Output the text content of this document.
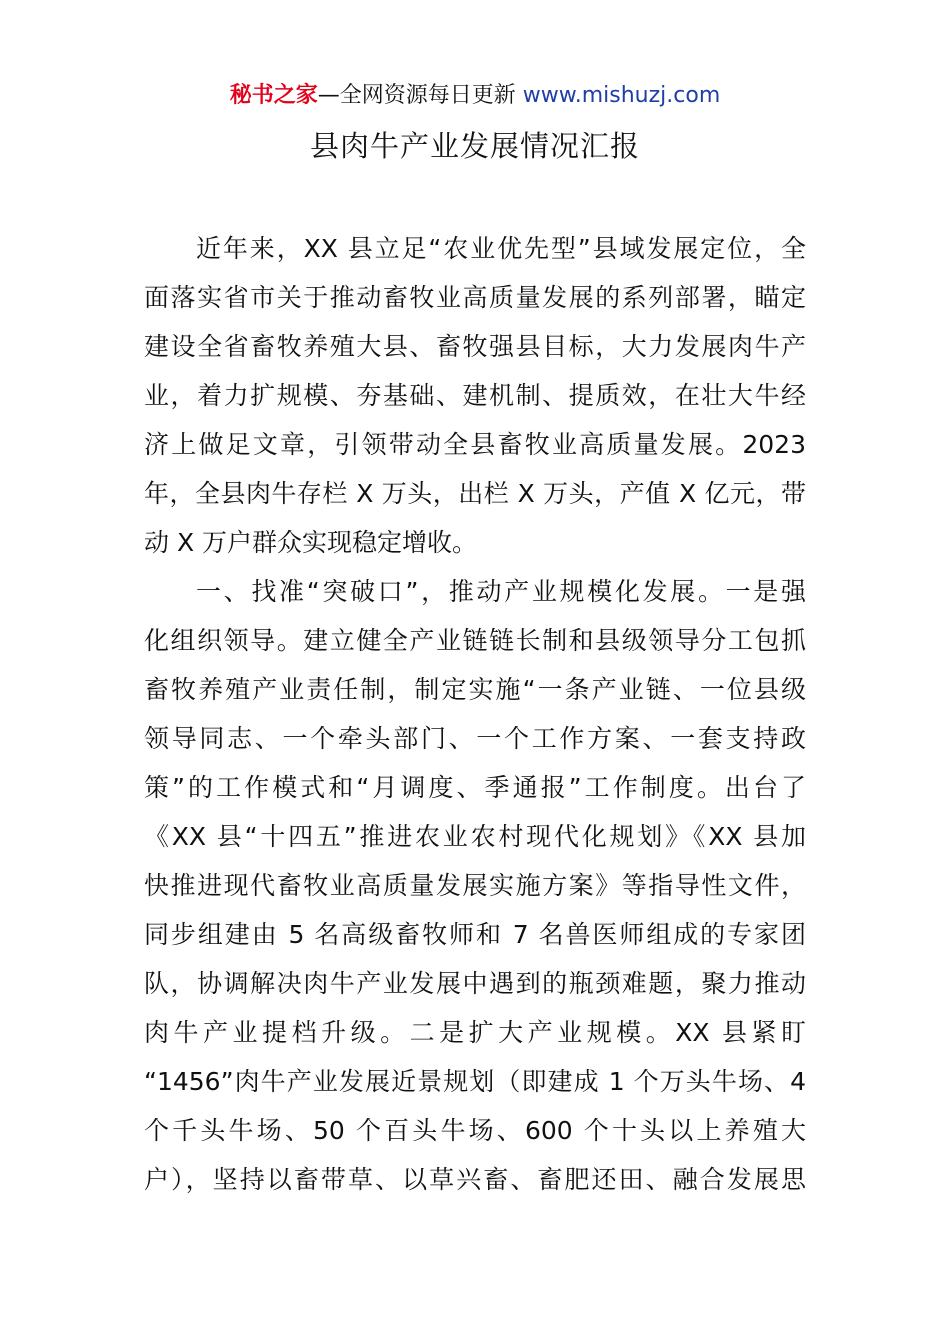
秘书之家—全网资源每日更新 www.mishuzj.com
县肉牛产业发展情况汇报
近年来，XX 县立足“农业优先型”县域发展定位，全
面落实省市关于推动畜牧业高质量发展的系列部署，瞄定
建设全省畜牧养殖大县、畜牧强县目标，大力发展肉牛产
业，着力扩规模、夯基础、建机制、提质效，在壮大牛经
济上做足文章，引领带动全县畜牧业高质量发展。2023
年，全县肉牛存栏 X 万头，出栏 X 万头，产值 X 亿元，带
动 X 万户群众实现稳定增收。
一、找准“突破口”，推动产业规模化发展。一是强
化组织领导。建立健全产业链链长制和县级领导分工包抓
畜牧养殖产业责任制，制定实施“一条产业链、一位县级
领导同志、一个牵头部门、一个工作方案、一套支持政
策”的工作模式和“月调度、季通报”工作制度。出台了
《XX 县“十四五”推进农业农村现代化规划》《XX 县加
快推进现代畜牧业高质量发展实施方案》等指导性文件，
同步组建由 5 名高级畜牧师和 7 名兽医师组成的专家团
队，协调解决肉牛产业发展中遇到的瓶颈难题，聚力推动
肉牛产业提档升级。二是扩大产业规模。XX 县紧盯
“1456”肉牛产业发展近景规划（即建成 1 个万头牛场、4
个千头牛场、50 个百头牛场、600 个十头以上养殖大
户），坚持以畜带草、以草兴畜、畜肥还田、融合发展思
